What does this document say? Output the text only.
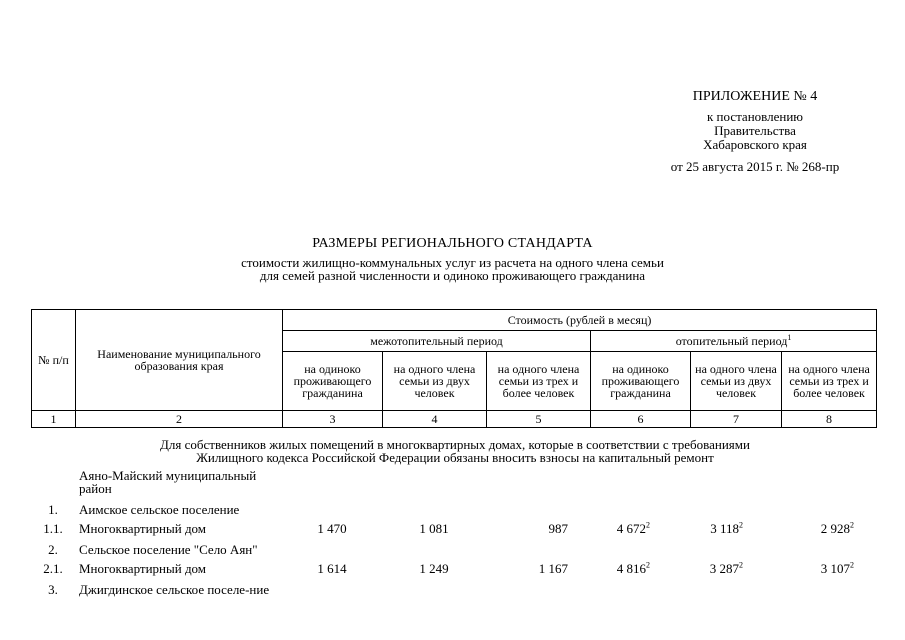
ПРИЛОЖЕНИЕ № 4
к постановлению
Правительства
Хабаровского края
от 25 августа 2015 г. № 268-пр
РАЗМЕРЫ РЕГИОНАЛЬНОГО СТАНДАРТА
стоимости жилищно-коммунальных услуг из расчета на одного члена семьи
для семей разной численности и одиноко проживающего гражданина
№ п/п	Наименование муниципального образования края	Стоимость (рублей в месяц)					
		межотопительный период			отопительный период$^1$
		на одиноко проживающего гражданина	на одного члена семьи из двух человек	на одного члена семьи из трех и более человек	на одиноко проживающего гражданина	на одного члена семьи из двух человек	на одного члена семьи из трех и более человек
1	2	3	4	5	6	7	8
Для собственников жилых помещений в многоквартирных домах, которые в соответствии с требованиями
Жилищного кодекса Российской Федерации обязаны вносить взносы на капитальный ремонт
	Аяно-Майский муниципальный район						
1.	Аимское сельское поселение						
1.1.	Многоквартирный дом	1 470	1 081	987	4 $672^2$	3 $118^2$	2 $928^2$
2.	Сельское поселение "Село Аян"						
2.1.	Многоквартирный дом	1 614	1 249	1 167	4 $816^2$	3 $287^2$	3 $107^2$
3.	Джигдинское сельское поселе-ние						
